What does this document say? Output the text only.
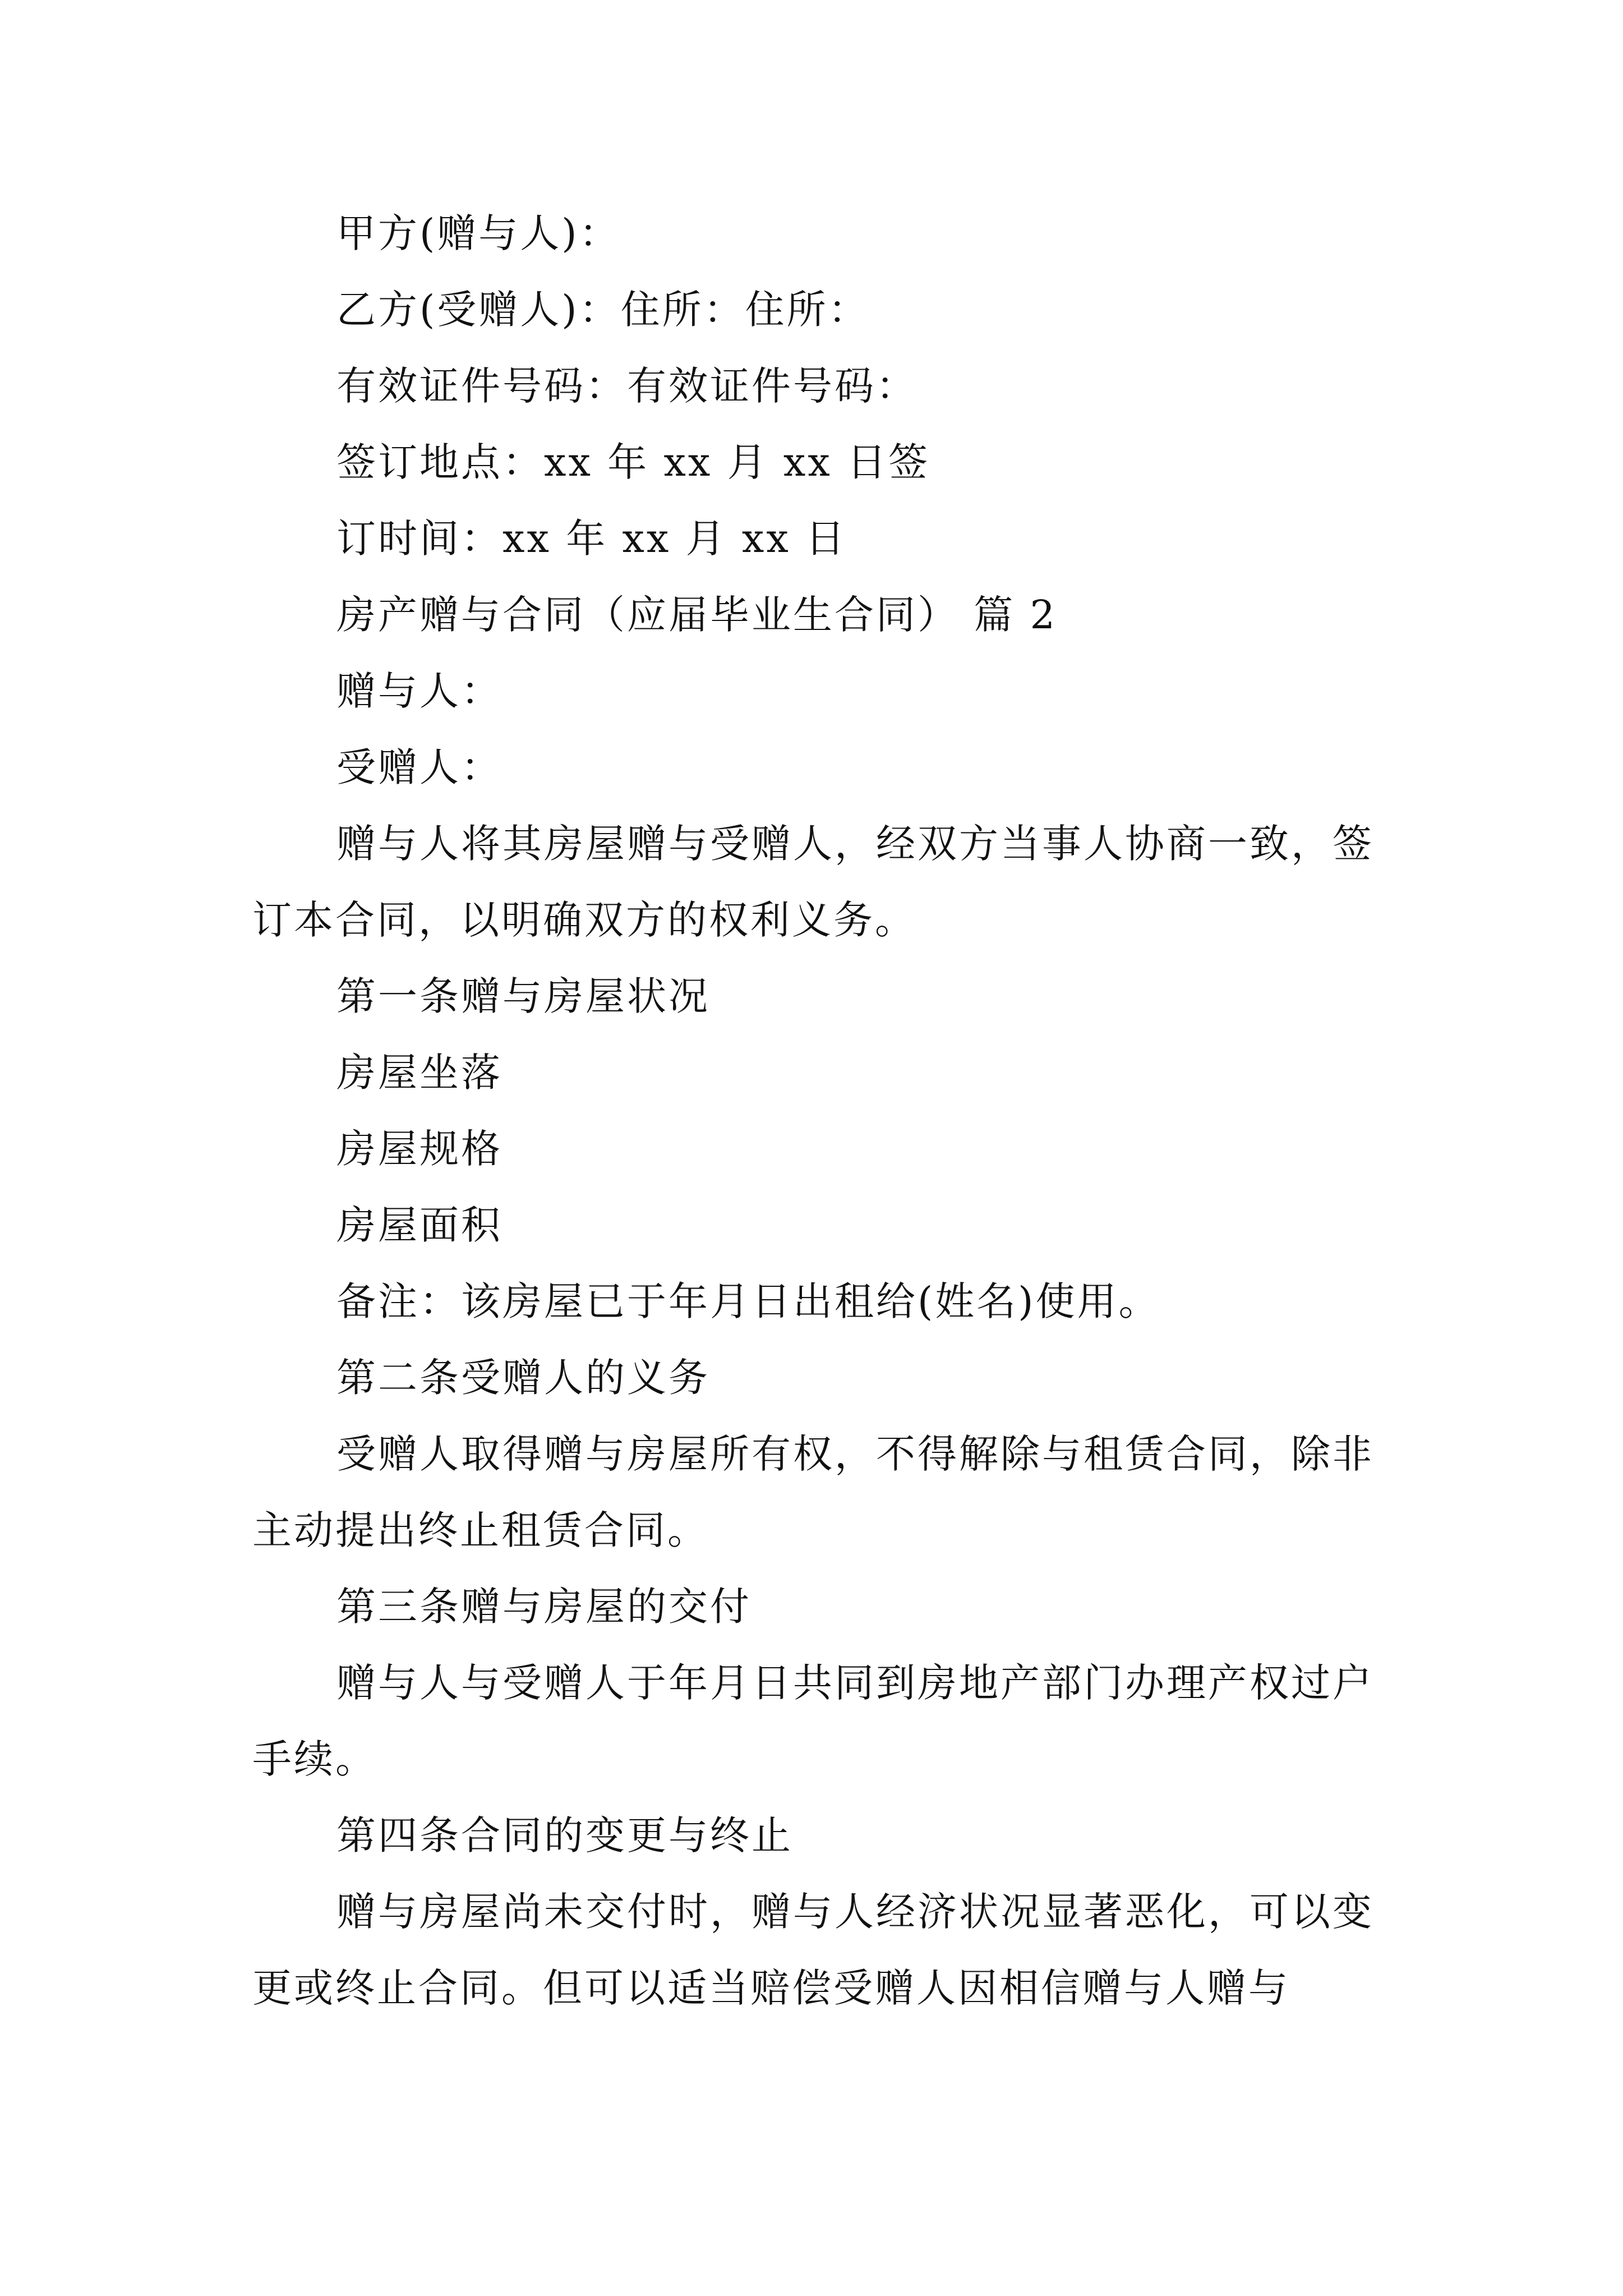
甲方(赠与人)：

乙方(受赠人)：住所：住所：

有效证件号码：有效证件号码：

签订地点：xx 年 xx 月 xx 日签

订时间：xx 年 xx 月 xx 日

房产赠与合同（应届毕业生合同） 篇 2

赠与人：

受赠人：

赠与人将其房屋赠与受赠人，经双方当事人协商一致，签订本合同，以明确双方的权利义务。

第一条赠与房屋状况

房屋坐落

房屋规格

房屋面积

备注：该房屋已于年月日出租给(姓名)使用。

第二条受赠人的义务

受赠人取得赠与房屋所有权，不得解除与租赁合同，除非主动提出终止租赁合同。

第三条赠与房屋的交付

赠与人与受赠人于年月日共同到房地产部门办理产权过户手续。

第四条合同的变更与终止

赠与房屋尚未交付时，赠与人经济状况显著恶化，可以变更或终止合同。但可以适当赔偿受赠人因相信赠与人赠与
